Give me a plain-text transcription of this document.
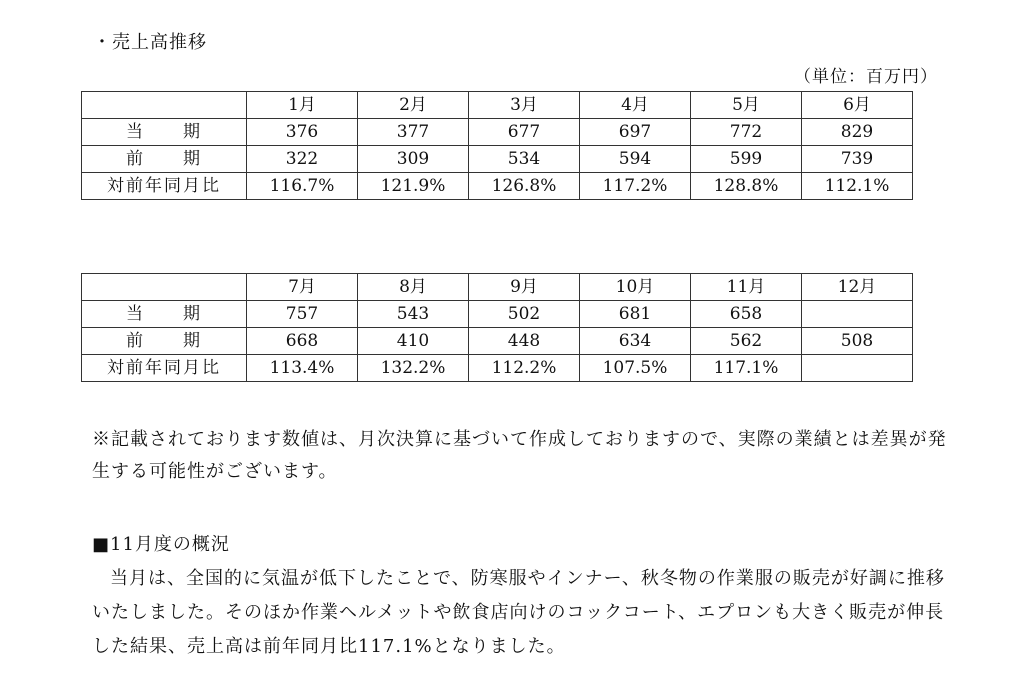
・売上高推移
（単位：百万円）
	1月	2月	3月	4月	5月	6月
当　　期	376	377	677	697	772	829
前　　期	322	309	534	594	599	739
対前年同月比	116.7%	121.9%	126.8%	117.2%	128.8%	112.1%
	7月	8月	9月	10月	11月	12月
当　　期	757	543	502	681	658	
前　　期	668	410	448	634	562	508
対前年同月比	113.4%	132.2%	112.2%	107.5%	117.1%	
※記載されております数値は、月次決算に基づいて作成しておりますので、実際の業績とは差異が発生する可能性がございます。
■11月度の概況
当月は、全国的に気温が低下したことで、防寒服やインナー、秋冬物の作業服の販売が好調に推移いたしました。そのほか作業ヘルメットや飲食店向けのコックコート、エプロンも大きく販売が伸長した結果、売上高は前年同月比117.1%となりました。
